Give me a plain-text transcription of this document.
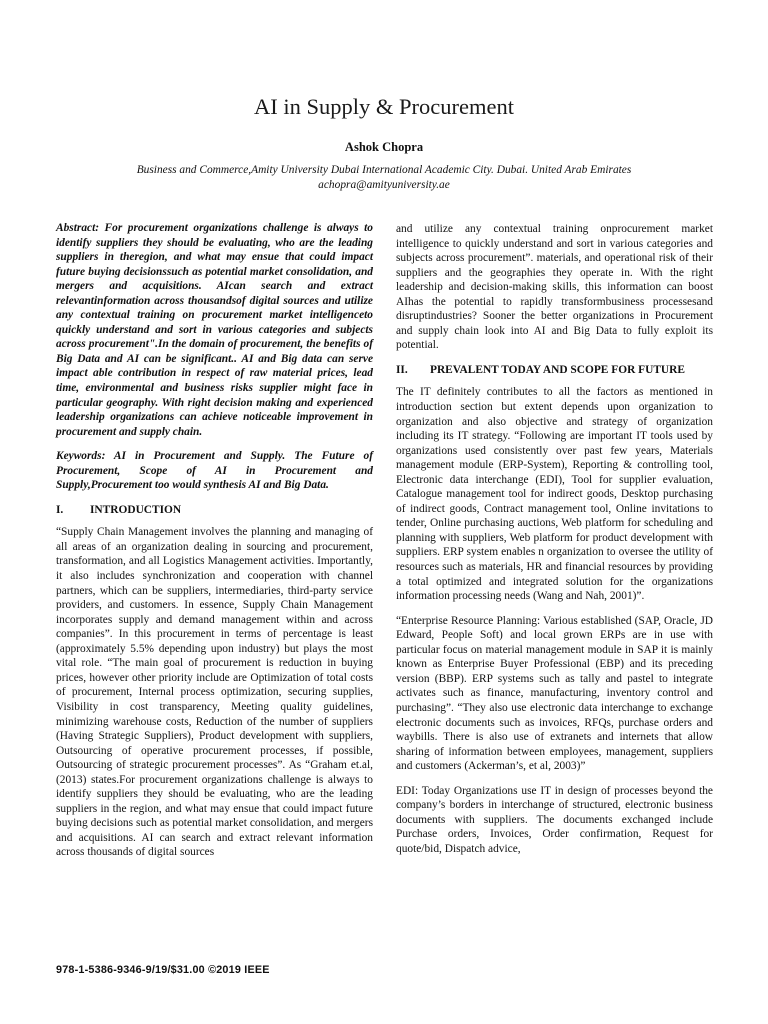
AI in Supply & Procurement
Ashok Chopra
Business and Commerce,Amity University Dubai International Academic City. Dubai. United Arab Emirates
achopra@amityuniversity.ae

Abstract: For procurement organizations challenge is always to identify suppliers they should be evaluating, who are the leading suppliers in theregion, and what may ensue that could impact future buying decisionssuch as potential market consolidation, and mergers and acquisitions. AIcan search and extract relevantinformation across thousandsof digital sources and utilize any contextual training on procurement market intelligenceto quickly understand and sort in various categories and subjects across procurement".In the domain of procurement, the benefits of Big Data and AI can be significant.. AI and Big data can serve impact able contribution in respect of raw material prices, lead time, environmental and business risks supplier might face in particular geography. With right decision making and experienced leadership organizations can achieve noticeable improvement in procurement and supply chain.

Keywords: AI in Procurement and Supply. The Future of Procurement, Scope of AI in Procurement and Supply,Procurement too would synthesis AI and Big Data.

I. INTRODUCTION

“Supply Chain Management involves the planning and managing of all areas of an organization dealing in sourcing and procurement, transformation, and all Logistics Management activities. Importantly, it also includes synchronization and cooperation with channel partners, which can be suppliers, intermediaries, third-party service providers, and customers. In essence, Supply Chain Management incorporates supply and demand management within and across companies”. In this procurement in terms of percentage is least (approximately 5.5% depending upon industry) but plays the most vital role. “The main goal of procurement is reduction in buying prices, however other priority include are Optimization of total costs of procurement, Internal process optimization, securing supplies, Visibility in cost transparency, Meeting quality guidelines, minimizing warehouse costs, Reduction of the number of suppliers (Having Strategic Suppliers), Product development with suppliers, Outsourcing of operative procurement processes, if possible, Outsourcing of strategic procurement processes”. As “Graham et.al, (2013) states.For procurement organizations challenge is always to identify suppliers they should be evaluating, who are the leading suppliers in the region, and what may ensue that could impact future buying decisions such as potential market consolidation, and mergers and acquisitions. AI can search and extract relevant information across thousands of digital sources

and utilize any contextual training onprocurement market intelligence to quickly understand and sort in various categories and subjects across procurement”. materials, and operational risk of their suppliers and the geographies they operate in. With the right leadership and decision-making skills, this information can boost AIhas the potential to rapidly transformbusiness processesand disruptindustries? Sooner the better organizations in Procurement and supply chain look into AI and Big Data to fully exploit its potential.

II. PREVALENT TODAY AND SCOPE FOR FUTURE

The IT definitely contributes to all the factors as mentioned in introduction section but extent depends upon organization to organization and also objective and strategy of organization including its IT strategy. “Following are important IT tools used by organizations used consistently over past few years, Materials management module (ERP-System), Reporting & controlling tool, Electronic data interchange (EDI), Tool for supplier evaluation, Catalogue management tool for indirect goods, Desktop purchasing of indirect goods, Contract management tool, Online invitations to tender, Online purchasing auctions, Web platform for scheduling and planning with suppliers, Web platform for product development with suppliers. ERP system enables n organization to oversee the utility of resources such as materials, HR and financial resources by providing a total optimized and integrated solution for the organizations information processing needs (Wang and Nah, 2001)”.

“Enterprise Resource Planning: Various established (SAP, Oracle, JD Edward, People Soft) and local grown ERPs are in use with particular focus on material management module in SAP it is mainly known as Enterprise Buyer Professional (EBP) and its preceding version (BBP). ERP systems such as tally and pastel to integrate activates such as finance, manufacturing, inventory control and purchasing”. “They also use electronic data interchange to exchange electronic documents such as invoices, RFQs, purchase orders and waybills. There is also use of extranets and internets that allow sharing of information between employees, management, suppliers and customers (Ackerman’s, et al, 2003)”

EDI: Today Organizations use IT in design of processes beyond the company’s borders in interchange of structured, electronic business documents with suppliers. The documents exchanged include Purchase orders, Invoices, Order confirmation, Request for quote/bid, Dispatch advice,

978-1-5386-9346-9/19/$31.00 ©2019 IEEE
